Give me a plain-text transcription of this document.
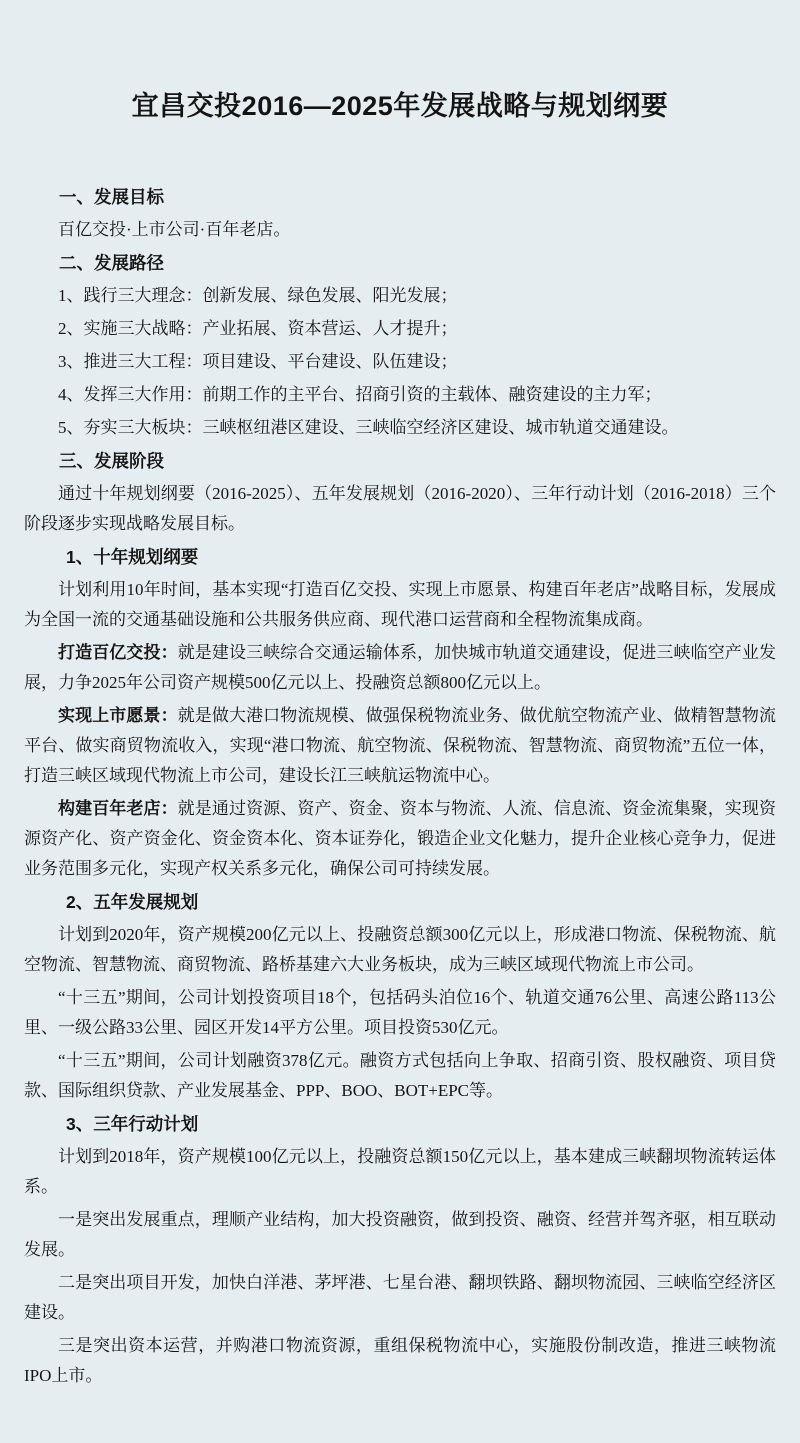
宜昌交投2016—2025年发展战略与规划纲要

一、发展目标

百亿交投·上市公司·百年老店。

二、发展路径

1、践行三大理念：创新发展、绿色发展、阳光发展；

2、实施三大战略：产业拓展、资本营运、人才提升；

3、推进三大工程：项目建设、平台建设、队伍建设；

4、发挥三大作用：前期工作的主平台、招商引资的主载体、融资建设的主力军；

5、夯实三大板块：三峡枢纽港区建设、三峡临空经济区建设、城市轨道交通建设。

三、发展阶段

通过十年规划纲要（2016-2025）、五年发展规划（2016-2020）、三年行动计划（2016-2018）三个阶段逐步实现战略发展目标。

1、十年规划纲要

计划利用10年时间，基本实现“打造百亿交投、实现上市愿景、构建百年老店”战略目标，发展成为全国一流的交通基础设施和公共服务供应商、现代港口运营商和全程物流集成商。

打造百亿交投：就是建设三峡综合交通运输体系，加快城市轨道交通建设，促进三峡临空产业发展，力争2025年公司资产规模500亿元以上、投融资总额800亿元以上。

实现上市愿景：就是做大港口物流规模、做强保税物流业务、做优航空物流产业、做精智慧物流平台、做实商贸物流收入，实现“港口物流、航空物流、保税物流、智慧物流、商贸物流”五位一体，打造三峡区域现代物流上市公司，建设长江三峡航运物流中心。

构建百年老店：就是通过资源、资产、资金、资本与物流、人流、信息流、资金流集聚，实现资源资产化、资产资金化、资金资本化、资本证券化，锻造企业文化魅力，提升企业核心竞争力，促进业务范围多元化，实现产权关系多元化，确保公司可持续发展。

2、五年发展规划

计划到2020年，资产规模200亿元以上、投融资总额300亿元以上，形成港口物流、保税物流、航空物流、智慧物流、商贸物流、路桥基建六大业务板块，成为三峡区域现代物流上市公司。

“十三五”期间，公司计划投资项目18个，包括码头泊位16个、轨道交通76公里、高速公路113公里、一级公路33公里、园区开发14平方公里。项目投资530亿元。

“十三五”期间，公司计划融资378亿元。融资方式包括向上争取、招商引资、股权融资、项目贷款、国际组织贷款、产业发展基金、PPP、BOO、BOT+EPC等。

3、三年行动计划

计划到2018年，资产规模100亿元以上，投融资总额150亿元以上，基本建成三峡翻坝物流转运体系。

一是突出发展重点，理顺产业结构，加大投资融资，做到投资、融资、经营并驾齐驱，相互联动发展。

二是突出项目开发，加快白洋港、茅坪港、七星台港、翻坝铁路、翻坝物流园、三峡临空经济区建设。

三是突出资本运营，并购港口物流资源，重组保税物流中心，实施股份制改造，推进三峡物流IPO上市。
